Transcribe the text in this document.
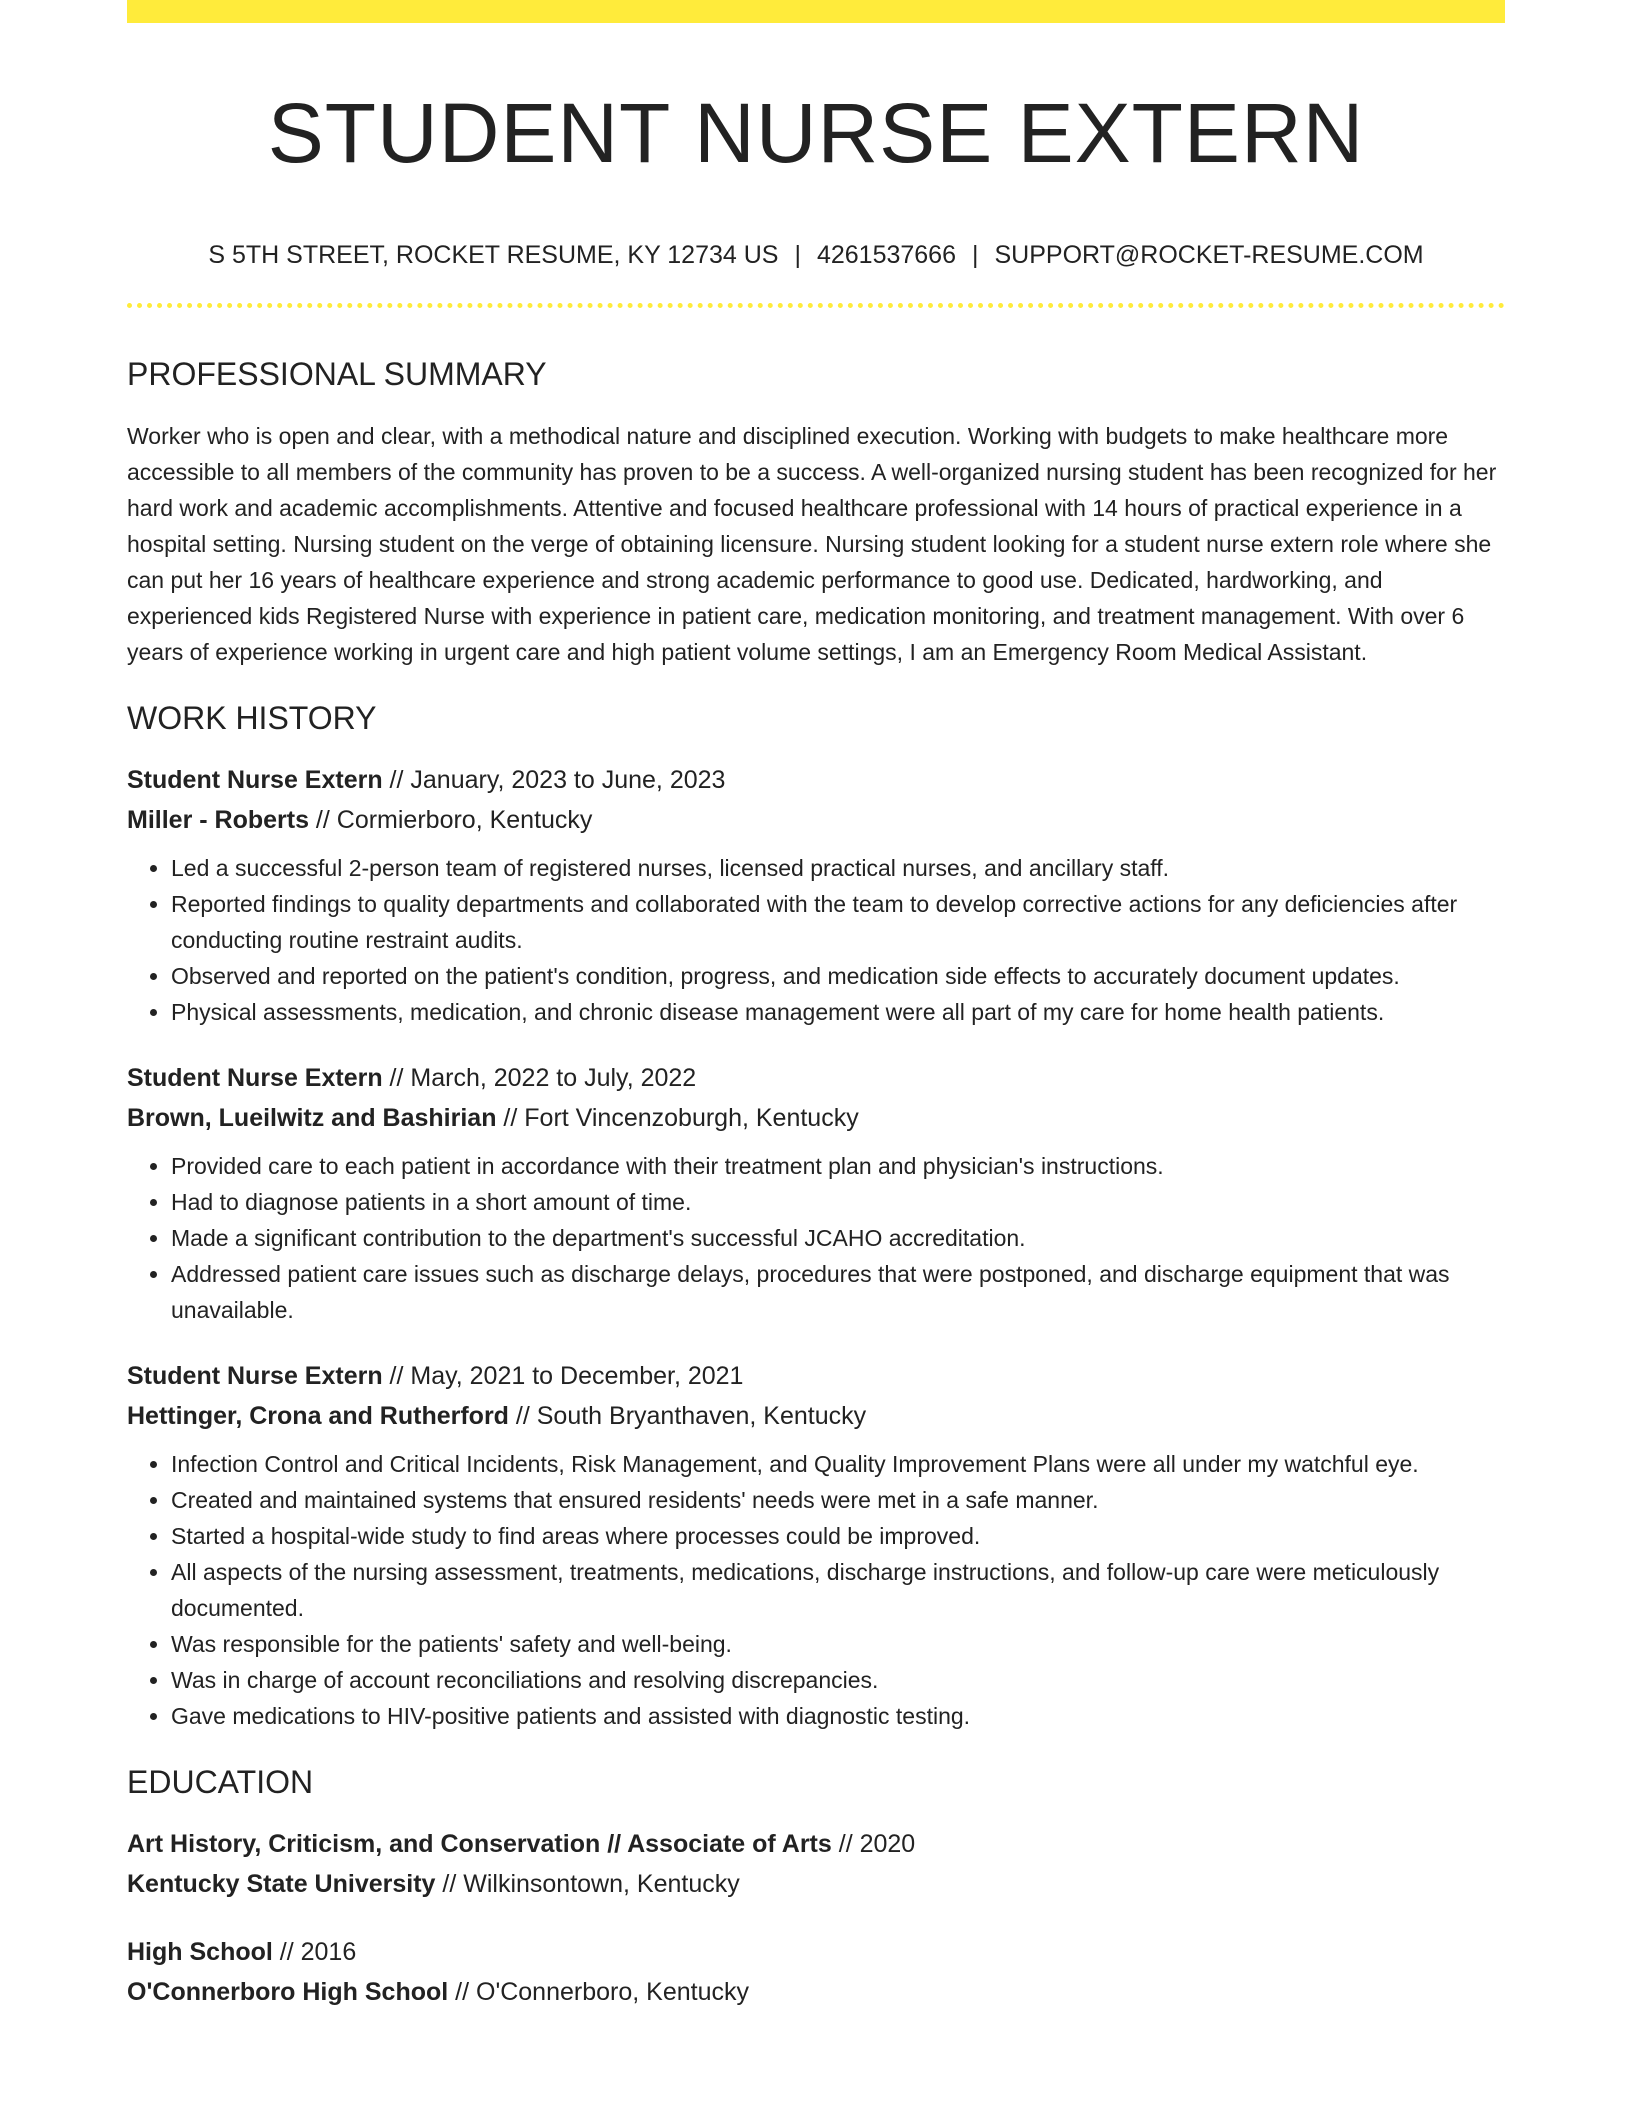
STUDENT NURSE EXTERN
S 5TH STREET, ROCKET RESUME, KY 12734 US | 4261537666 | SUPPORT@ROCKET-RESUME.COM
PROFESSIONAL SUMMARY

Worker who is open and clear, with a methodical nature and disciplined execution. Working with budgets to make healthcare more accessible to all members of the community has proven to be a success. A well-organized nursing student has been recognized for her hard work and academic accomplishments. Attentive and focused healthcare professional with 14 hours of practical experience in a hospital setting. Nursing student on the verge of obtaining licensure. Nursing student looking for a student nurse extern role where she can put her 16 years of healthcare experience and strong academic performance to good use. Dedicated, hardworking, and experienced kids Registered Nurse with experience in patient care, medication monitoring, and treatment management. With over 6 years of experience working in urgent care and high patient volume settings, I am an Emergency Room Medical Assistant.

WORK HISTORY
Student Nurse Extern // January, 2023 to June, 2023
Miller - Roberts // Cormierboro, Kentucky
• Led a successful 2-person team of registered nurses, licensed practical nurses, and ancillary staff.
• Reported findings to quality departments and collaborated with the team to develop corrective actions for any deficiencies after conducting routine restraint audits.
• Observed and reported on the patient's condition, progress, and medication side effects to accurately document updates.
• Physical assessments, medication, and chronic disease management were all part of my care for home health patients.
Student Nurse Extern // March, 2022 to July, 2022
Brown, Lueilwitz and Bashirian // Fort Vincenzoburgh, Kentucky
• Provided care to each patient in accordance with their treatment plan and physician's instructions.
• Had to diagnose patients in a short amount of time.
• Made a significant contribution to the department's successful JCAHO accreditation.
• Addressed patient care issues such as discharge delays, procedures that were postponed, and discharge equipment that was unavailable.
Student Nurse Extern // May, 2021 to December, 2021
Hettinger, Crona and Rutherford // South Bryanthaven, Kentucky
• Infection Control and Critical Incidents, Risk Management, and Quality Improvement Plans were all under my watchful eye.
• Created and maintained systems that ensured residents' needs were met in a safe manner.
• Started a hospital-wide study to find areas where processes could be improved.
• All aspects of the nursing assessment, treatments, medications, discharge instructions, and follow-up care were meticulously documented.
• Was responsible for the patients' safety and well-being.
• Was in charge of account reconciliations and resolving discrepancies.
• Gave medications to HIV-positive patients and assisted with diagnostic testing.
EDUCATION
Art History, Criticism, and Conservation // Associate of Arts // 2020
Kentucky State University // Wilkinsontown, Kentucky
High School // 2016
O'Connerboro High School // O'Connerboro, Kentucky
